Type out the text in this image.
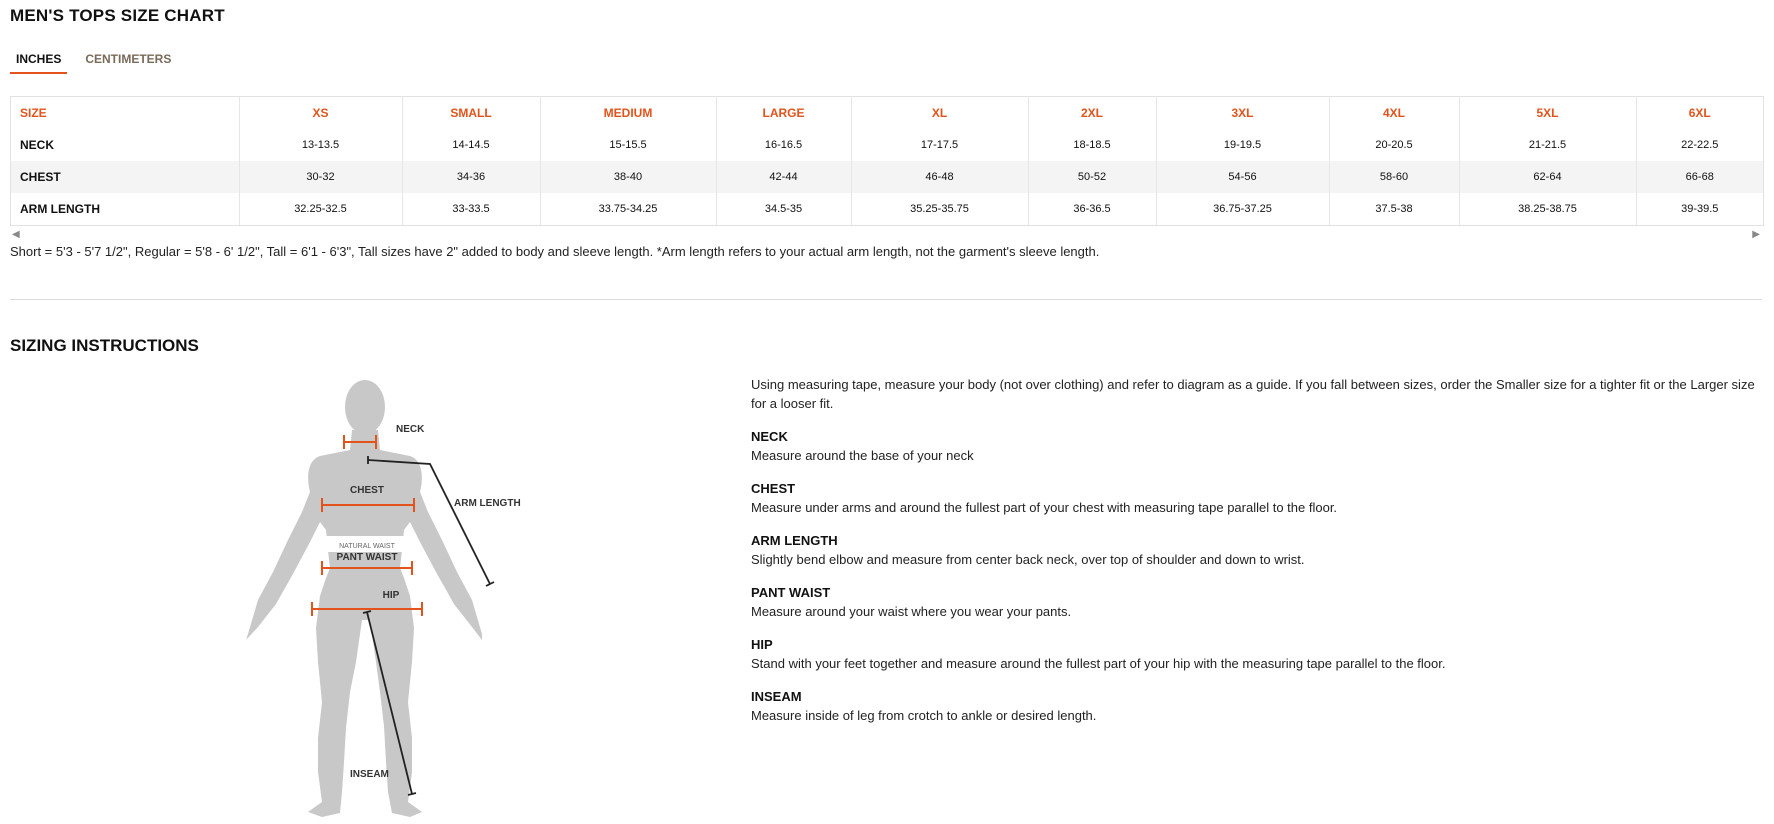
MEN'S TOPS SIZE CHART
INCHES	CENTIMETERS
SIZE	XS	SMALL	MEDIUM	LARGE	XL	2XL	3XL	4XL	5XL	6XL
NECK	13-13.5	14-14.5	15-15.5	16-16.5	17-17.5	18-18.5	19-19.5	20-20.5	21-21.5	22-22.5
CHEST	30-32	34-36	38-40	42-44	46-48	50-52	54-56	58-60	62-64	66-68
ARM LENGTH	32.25-32.5	33-33.5	33.75-34.25	34.5-35	35.25-35.75	36-36.5	36.75-37.25	37.5-38	38.25-38.75	39-39.5
◀	▶
Short = 5'3 - 5'7 1/2", Regular = 5'8 - 6' 1/2", Tall = 6'1 - 6'3", Tall sizes have 2" added to body and sleeve length. *Arm length refers to your actual arm length, not the garment's sleeve length.
SIZING INSTRUCTIONS
NATURAL WAIST
NECK
CHEST
ARM LENGTH
PANT WAIST
HIP
INSEAM
Using measuring tape, measure your body (not over clothing) and refer to diagram as a guide. If you fall between sizes, order the Smaller size for a tighter fit or the Larger size for a looser fit.
NECK
Measure around the base of your neck
CHEST
Measure under arms and around the fullest part of your chest with measuring tape parallel to the floor.
ARM LENGTH
Slightly bend elbow and measure from center back neck, over top of shoulder and down to wrist.
PANT WAIST
Measure around your waist where you wear your pants.
HIP
Stand with your feet together and measure around the fullest part of your hip with the measuring tape parallel to the floor.
INSEAM
Measure inside of leg from crotch to ankle or desired length.
